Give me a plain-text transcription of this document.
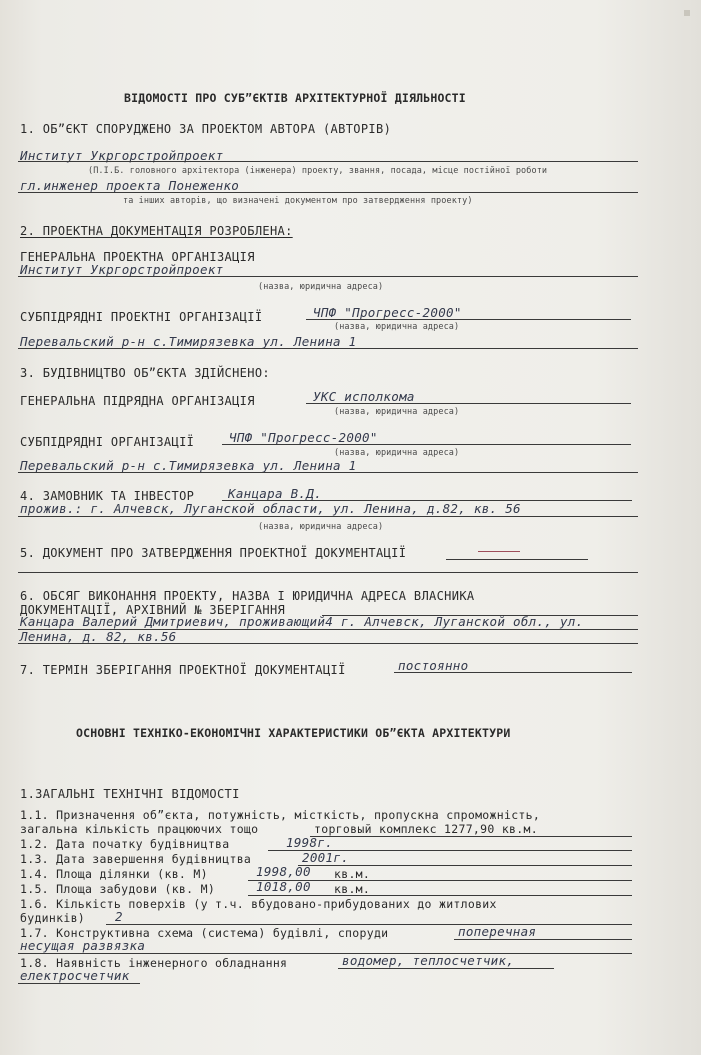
ВІДОМОСТІ ПРО СУБ”ЄКТІВ АРХІТЕКТУРНОЇ ДІЯЛЬНОСТІ
1. ОБ”ЄКТ СПОРУДЖЕНО ЗА ПРОЕКТОМ АВТОРА (АВТОРІВ)
Институт Укргорстройпроект
(П.І.Б. головного архітектора (інженера) проекту, звання, посада, місце постійної роботи
гл.инженер проекта Понеженко
та інших авторів, що визначені документом про затвердження проекту)
2. ПРОЕКТНА ДОКУМЕНТАЦІЯ РОЗРОБЛЕНА:
ГЕНЕРАЛЬНА ПРОЕКТНА ОРГАНІЗАЦІЯ
Институт Укргорстройпроект
(назва, юридична адреса)
СУБПІДРЯДНІ ПРОЕКТНІ ОРГАНІЗАЦІЇ	ЧПФ "Прогресс-2000"
(назва, юридична адреса)
Перевальский р-н с.Тимирязевка ул. Ленина 1
3. БУДІВНИЦТВО ОБ”ЄКТА ЗДІЙСНЕНО:
ГЕНЕРАЛЬНА ПІДРЯДНА ОРГАНІЗАЦІЯ	УКС исполкома
(назва, юридична адреса)
СУБПІДРЯДНІ ОРГАНІЗАЦІЇ	ЧПФ "Прогресс-2000"
(назва, юридична адреса)
Перевальский р-н с.Тимирязевка ул. Ленина 1
4. ЗАМОВНИК ТА ІНВЕСТОР	Канцара В.Д.
прожив.: г. Алчевск, Луганской области, ул. Ленина, д.82, кв. 56
(назва, юридична адреса)
5. ДОКУМЕНТ ПРО ЗАТВЕРДЖЕННЯ ПРОЕКТНОЇ ДОКУМЕНТАЦІЇ
6. ОБСЯГ ВИКОНАННЯ ПРОЕКТУ, НАЗВА І ЮРИДИЧНА АДРЕСА ВЛАСНИКА
ДОКУМЕНТАЦІЇ, АРХІВНИЙ № ЗБЕРІГАННЯ
Канцара Валерий Дмитриевич, проживающий4 г. Алчевск, Луганской обл., ул.
Ленина, д. 82, кв.56
7. ТЕРМІН ЗБЕРІГАННЯ ПРОЕКТНОЇ ДОКУМЕНТАЦІЇ	постоянно
ОСНОВНІ ТЕХНІКО-ЕКОНОМІЧНІ ХАРАКТЕРИСТИКИ ОБ”ЄКТА АРХІТЕКТУРИ
1.ЗАГАЛЬНІ ТЕХНІЧНІ ВІДОМОСТІ
1.1. Призначення об”єкта, потужність, місткість, пропускна спроможність,
загальна кількість працюючих тощо	торговый комплекс 1277,90 кв.м.
1.2. Дата початку будівництва	1998г.
1.3. Дата завершення будівництва	2001г.
1.4. Площа ділянки (кв. М)	1998,00 кв.м.
1.5. Площа забудови (кв. М)	1018,00 кв.м.
1.6. Кількість поверхів (у т.ч. вбудовано-прибудованих до житлових
будинків) 2
1.7. Конструктивна схема (система) будівлі, споруди	поперечная
несущая развязка
1.8. Наявність інженерного обладнання	водомер, теплосчетчик,
електросчетчик
